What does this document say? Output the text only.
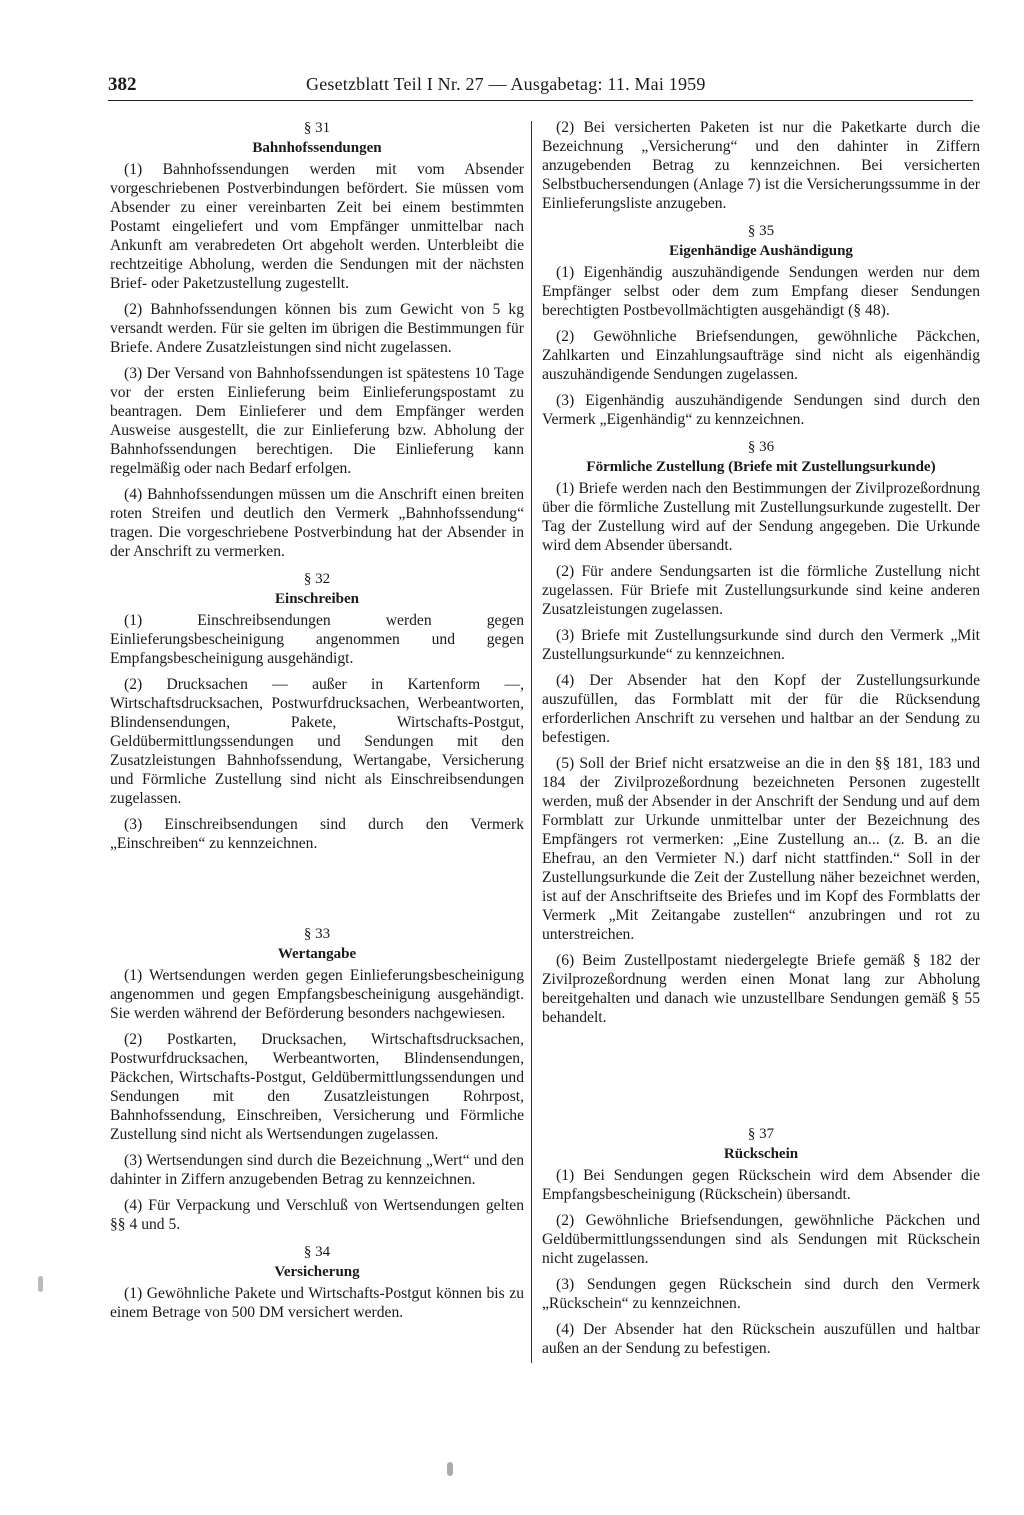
382	Gesetzblatt Teil I Nr. 27 — Ausgabetag: 11. Mai 1959

§ 31

Bahnhofssendungen

(1) Bahnhofssendungen werden mit vom Absender vorgeschriebenen Postverbindungen befördert. Sie müssen vom Absender zu einer vereinbarten Zeit bei einem bestimmten Postamt eingeliefert und vom Empfänger unmittelbar nach Ankunft am verabredeten Ort abgeholt werden. Unterbleibt die rechtzeitige Abholung, werden die Sendungen mit der nächsten Brief- oder Paketzustellung zugestellt.

(2) Bahnhofssendungen können bis zum Gewicht von 5 kg versandt werden. Für sie gelten im übrigen die Bestimmungen für Briefe. Andere Zusatzleistungen sind nicht zugelassen.

(3) Der Versand von Bahnhofssendungen ist spätestens 10 Tage vor der ersten Einlieferung beim Einlieferungspostamt zu beantragen. Dem Einlieferer und dem Empfänger werden Ausweise ausgestellt, die zur Einlieferung bzw. Abholung der Bahnhofssendungen berechtigen. Die Einlieferung kann regelmäßig oder nach Bedarf erfolgen.

(4) Bahnhofssendungen müssen um die Anschrift einen breiten roten Streifen und deutlich den Vermerk „Bahnhofssendung“ tragen. Die vorgeschriebene Postverbindung hat der Absender in der Anschrift zu vermerken.

§ 32

Einschreiben

(1) Einschreibsendungen werden gegen Einlieferungsbescheinigung angenommen und gegen Empfangsbescheinigung ausgehändigt.

(2) Drucksachen — außer in Kartenform —, Wirtschaftsdrucksachen, Postwurfdrucksachen, Werbeantworten, Blindensendungen, Pakete, Wirtschafts-Postgut, Geldübermittlungssendungen und Sendungen mit den Zusatzleistungen Bahnhofssendung, Wertangabe, Versicherung und Förmliche Zustellung sind nicht als Einschreibsendungen zugelassen.

(3) Einschreibsendungen sind durch den Vermerk „Einschreiben“ zu kennzeichnen.

§ 33

Wertangabe

(1) Wertsendungen werden gegen Einlieferungsbescheinigung angenommen und gegen Empfangsbescheinigung ausgehändigt. Sie werden während der Beförderung besonders nachgewiesen.

(2) Postkarten, Drucksachen, Wirtschaftsdrucksachen, Postwurfdrucksachen, Werbeantworten, Blindensendungen, Päckchen, Wirtschafts-Postgut, Geldübermittlungssendungen und Sendungen mit den Zusatzleistungen Rohrpost, Bahnhofssendung, Einschreiben, Versicherung und Förmliche Zustellung sind nicht als Wertsendungen zugelassen.

(3) Wertsendungen sind durch die Bezeichnung „Wert“ und den dahinter in Ziffern anzugebenden Betrag zu kennzeichnen.

(4) Für Verpackung und Verschluß von Wertsendungen gelten §§ 4 und 5.

§ 34

Versicherung

(1) Gewöhnliche Pakete und Wirtschafts-Postgut können bis zu einem Betrage von 500 DM versichert werden.

(2) Bei versicherten Paketen ist nur die Paketkarte durch die Bezeichnung „Versicherung“ und den dahinter in Ziffern anzugebenden Betrag zu kennzeichnen. Bei versicherten Selbstbuchersendungen (Anlage 7) ist die Versicherungssumme in der Einlieferungsliste anzugeben.

§ 35

Eigenhändige Aushändigung

(1) Eigenhändig auszuhändigende Sendungen werden nur dem Empfänger selbst oder dem zum Empfang dieser Sendungen berechtigten Postbevollmächtigten ausgehändigt (§ 48).

(2) Gewöhnliche Briefsendungen, gewöhnliche Päckchen, Zahlkarten und Einzahlungsaufträge sind nicht als eigenhändig auszuhändigende Sendungen zugelassen.

(3) Eigenhändig auszuhändigende Sendungen sind durch den Vermerk „Eigenhändig“ zu kennzeichnen.

§ 36

Förmliche Zustellung (Briefe mit Zustellungsurkunde)

(1) Briefe werden nach den Bestimmungen der Zivilprozeßordnung über die förmliche Zustellung mit Zustellungsurkunde zugestellt. Der Tag der Zustellung wird auf der Sendung angegeben. Die Urkunde wird dem Absender übersandt.

(2) Für andere Sendungsarten ist die förmliche Zustellung nicht zugelassen. Für Briefe mit Zustellungsurkunde sind keine anderen Zusatzleistungen zugelassen.

(3) Briefe mit Zustellungsurkunde sind durch den Vermerk „Mit Zustellungsurkunde“ zu kennzeichnen.

(4) Der Absender hat den Kopf der Zustellungsurkunde auszufüllen, das Formblatt mit der für die Rücksendung erforderlichen Anschrift zu versehen und haltbar an der Sendung zu befestigen.

(5) Soll der Brief nicht ersatzweise an die in den §§ 181, 183 und 184 der Zivilprozeßordnung bezeichneten Personen zugestellt werden, muß der Absender in der Anschrift der Sendung und auf dem Formblatt zur Urkunde unmittelbar unter der Bezeichnung des Empfängers rot vermerken: „Eine Zustellung an... (z. B. an die Ehefrau, an den Vermieter N.) darf nicht stattfinden.“ Soll in der Zustellungsurkunde die Zeit der Zustellung näher bezeichnet werden, ist auf der Anschriftseite des Briefes und im Kopf des Formblatts der Vermerk „Mit Zeitangabe zustellen“ anzubringen und rot zu unterstreichen.

(6) Beim Zustellpostamt niedergelegte Briefe gemäß § 182 der Zivilprozeßordnung werden einen Monat lang zur Abholung bereitgehalten und danach wie unzustellbare Sendungen gemäß § 55 behandelt.

§ 37

Rückschein

(1) Bei Sendungen gegen Rückschein wird dem Absender die Empfangsbescheinigung (Rückschein) übersandt.

(2) Gewöhnliche Briefsendungen, gewöhnliche Päckchen und Geldübermittlungssendungen sind als Sendungen mit Rückschein nicht zugelassen.

(3) Sendungen gegen Rückschein sind durch den Vermerk „Rückschein“ zu kennzeichnen.

(4) Der Absender hat den Rückschein auszufüllen und haltbar außen an der Sendung zu befestigen.
